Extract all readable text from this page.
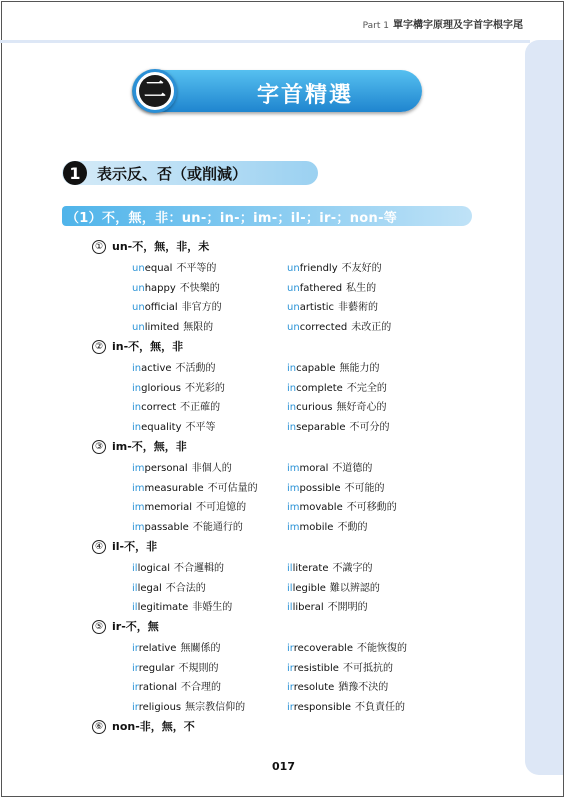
Part 1 單字構字原理及字首字根字尾
二	字首精選
1	表示反、否（或削減）
（1）不，無，非：un-；in-；im-；il-；ir-；non-等
① un-不，無，非，未
unequal 不平等的	unfriendly 不友好的
unhappy 不快樂的	unfathered 私生的
unofficial 非官方的	unartistic 非藝術的
unlimited 無限的	uncorrected 未改正的
② in-不，無，非
inactive 不活動的	incapable 無能力的
inglorious 不光彩的	incomplete 不完全的
incorrect 不正確的	incurious 無好奇心的
inequality 不平等	inseparable 不可分的
③ im-不，無，非
impersonal 非個人的	immoral 不道德的
immeasurable 不可估量的	impossible 不可能的
immemorial 不可追憶的	immovable 不可移動的
impassable 不能通行的	immobile 不動的
④ il-不，非
illogical 不合邏輯的	illiterate 不識字的
illegal 不合法的	illegible 難以辨認的
illegitimate 非婚生的	illiberal 不開明的
⑤ ir-不，無
irrelative 無關係的	irrecoverable 不能恢復的
irregular 不規則的	irresistible 不可抵抗的
irrational 不合理的	irresolute 猶豫不決的
irreligious 無宗教信仰的	irresponsible 不負責任的
⑥ non-非，無，不
017
